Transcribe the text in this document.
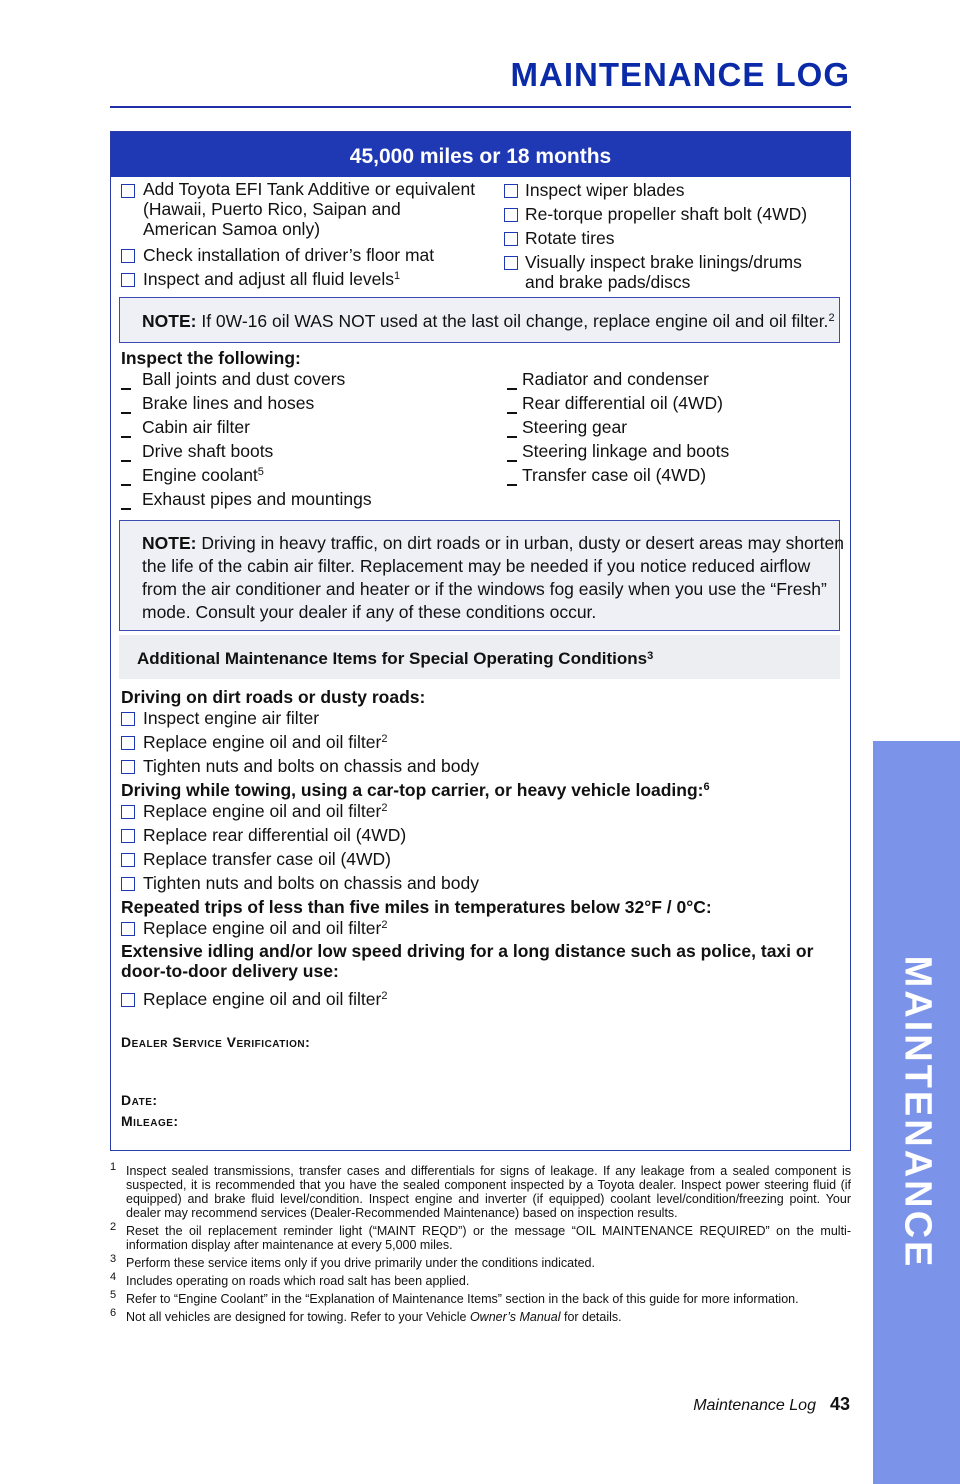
MAINTENANCE LOG
MAINTENANCE
45,000 miles or 18 months
Add Toyota EFI Tank Additive or equivalent
(Hawaii, Puerto Rico, Saipan and
American Samoa only)
Check installation of driver’s floor mat
Inspect and adjust all fluid levels$^1$
Inspect wiper blades
Re-torque propeller shaft bolt (4WD)
Rotate tires
Visually inspect brake linings/drums
and brake pads/discs
NOTE: If 0W-16 oil WAS NOT used at the last oil change, replace engine oil and oil filter.$^2$
Inspect the following:
Ball joints and dust covers
Brake lines and hoses
Cabin air filter
Drive shaft boots
Engine coolant$^5$
Exhaust pipes and mountings
Radiator and condenser
Rear differential oil (4WD)
Steering gear
Steering linkage and boots
Transfer case oil (4WD)
NOTE: Driving in heavy traffic, on dirt roads or in urban, dusty or desert areas may shorten
the life of the cabin air filter. Replacement may be needed if you notice reduced airflow
from the air conditioner and heater or if the windows fog easily when you use the “Fresh”
mode. Consult your dealer if any of these conditions occur.
Additional Maintenance Items for Special Operating Conditions$^3$
Driving on dirt roads or dusty roads:
Inspect engine air filter
Replace engine oil and oil filter$^2$
Tighten nuts and bolts on chassis and body
Driving while towing, using a car-top carrier, or heavy vehicle loading:$^6$
Replace engine oil and oil filter$^2$
Replace rear differential oil (4WD)
Replace transfer case oil (4WD)
Tighten nuts and bolts on chassis and body
Repeated trips of less than five miles in temperatures below 32°F / 0°C:
Replace engine oil and oil filter$^2$
Extensive idling and/or low speed driving for a long distance such as police, taxi or
door-to-door delivery use:
Replace engine oil and oil filter$^2$
Dealer Service Verification:
Date:
Mileage:
1 Inspect sealed transmissions, transfer cases and differentials for signs of leakage. If any leakage from a sealed component is suspected, it is recommended that you have the sealed component inspected by a Toyota dealer. Inspect power steering fluid (if equipped) and brake fluid level/condition. Inspect engine and inverter (if equipped) coolant level/condition/freezing point. Your dealer may recommend services (Dealer-Recommended Maintenance) based on inspection results.
2 Reset the oil replacement reminder light (“MAINT REQD”) or the message “OIL MAINTENANCE REQUIRED” on the multi-information display after maintenance at every 5,000 miles.
3 Perform these service items only if you drive primarily under the conditions indicated.
4 Includes operating on roads which road salt has been applied.
5 Refer to “Engine Coolant” in the “Explanation of Maintenance Items” section in the back of this guide for more information.
6 Not all vehicles are designed for towing. Refer to your Vehicle Owner’s Manual for details.
Maintenance Log 43
